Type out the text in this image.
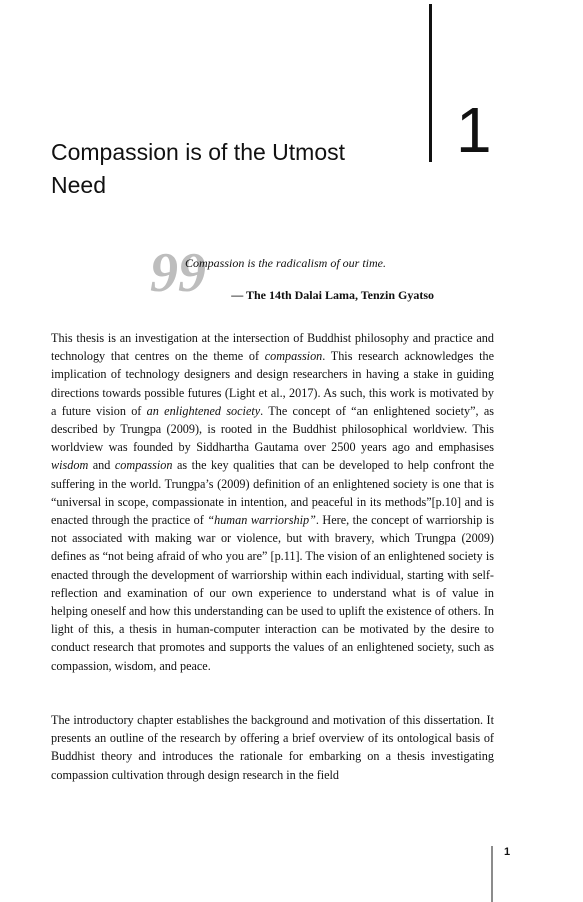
1
Compassion is of the Utmost Need
99
Compassion is the radicalism of our time.
— The 14th Dalai Lama, Tenzin Gyatso

This thesis is an investigation at the intersection of Buddhist philosophy and practice and technology that centres on the theme of compassion. This research acknowledges the implication of technology designers and design researchers in having a stake in guiding directions towards possible futures (Light et al., 2017). As such, this work is motivated by a future vision of an enlightened society. The concept of “an enlightened society”, as described by Trungpa (2009), is rooted in the Buddhist philosophical worldview. This worldview was founded by Siddhartha Gautama over 2500 years ago and emphasises wisdom and compassion as the key qualities that can be developed to help confront the suffering in the world. Trungpa’s (2009) definition of an enlightened society is one that is “universal in scope, compassionate in intention, and peaceful in its methods”[p.10] and is enacted through the practice of “human warriorship”. Here, the concept of warriorship is not associated with making war or violence, but with bravery, which Trungpa (2009) defines as “not being afraid of who you are” [p.11]. The vision of an enlightened society is enacted through the development of warriorship within each individual, starting with self-reflection and examination of our own experience to understand what is of value in helping oneself and how this understanding can be used to uplift the existence of others. In light of this, a thesis in human-computer interaction can be motivated by the desire to conduct research that promotes and supports the values of an enlightened society, such as compassion, wisdom, and peace.

The introductory chapter establishes the background and motivation of this dissertation. It presents an outline of the research by offering a brief overview of its ontological basis of Buddhist theory and introduces the rationale for embarking on a thesis investigating compassion cultivation through design research in the field

1
